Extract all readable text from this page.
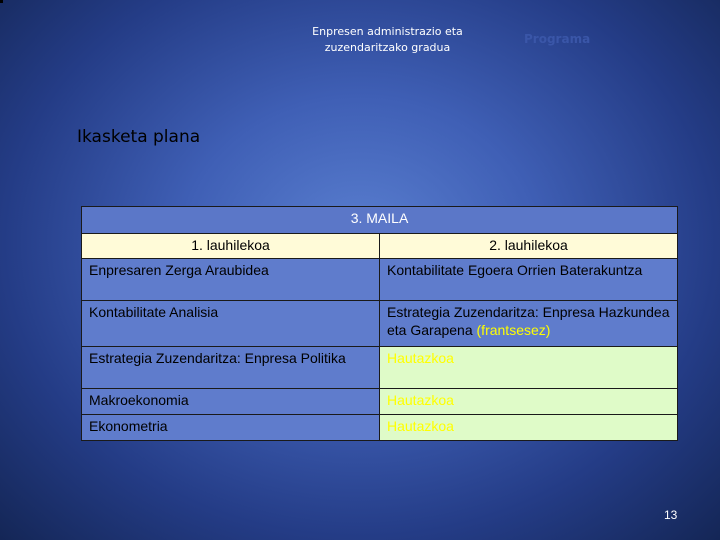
Enpresen administrazio eta zuzendaritzako gradua
Programa
Ikasketa plana
3. MAILA	
1. lauhilekoa	2. lauhilekoa
Enpresaren Zerga Araubidea	Kontabilitate Egoera Orrien Baterakuntza
Kontabilitate Analisia	Estrategia Zuzendaritza: Enpresa Hazkundea eta Garapena (frantsesez)
Estrategia Zuzendaritza: Enpresa Politika	Hautazkoa
Makroekonomia	Hautazkoa
Ekonometria	Hautazkoa
13
